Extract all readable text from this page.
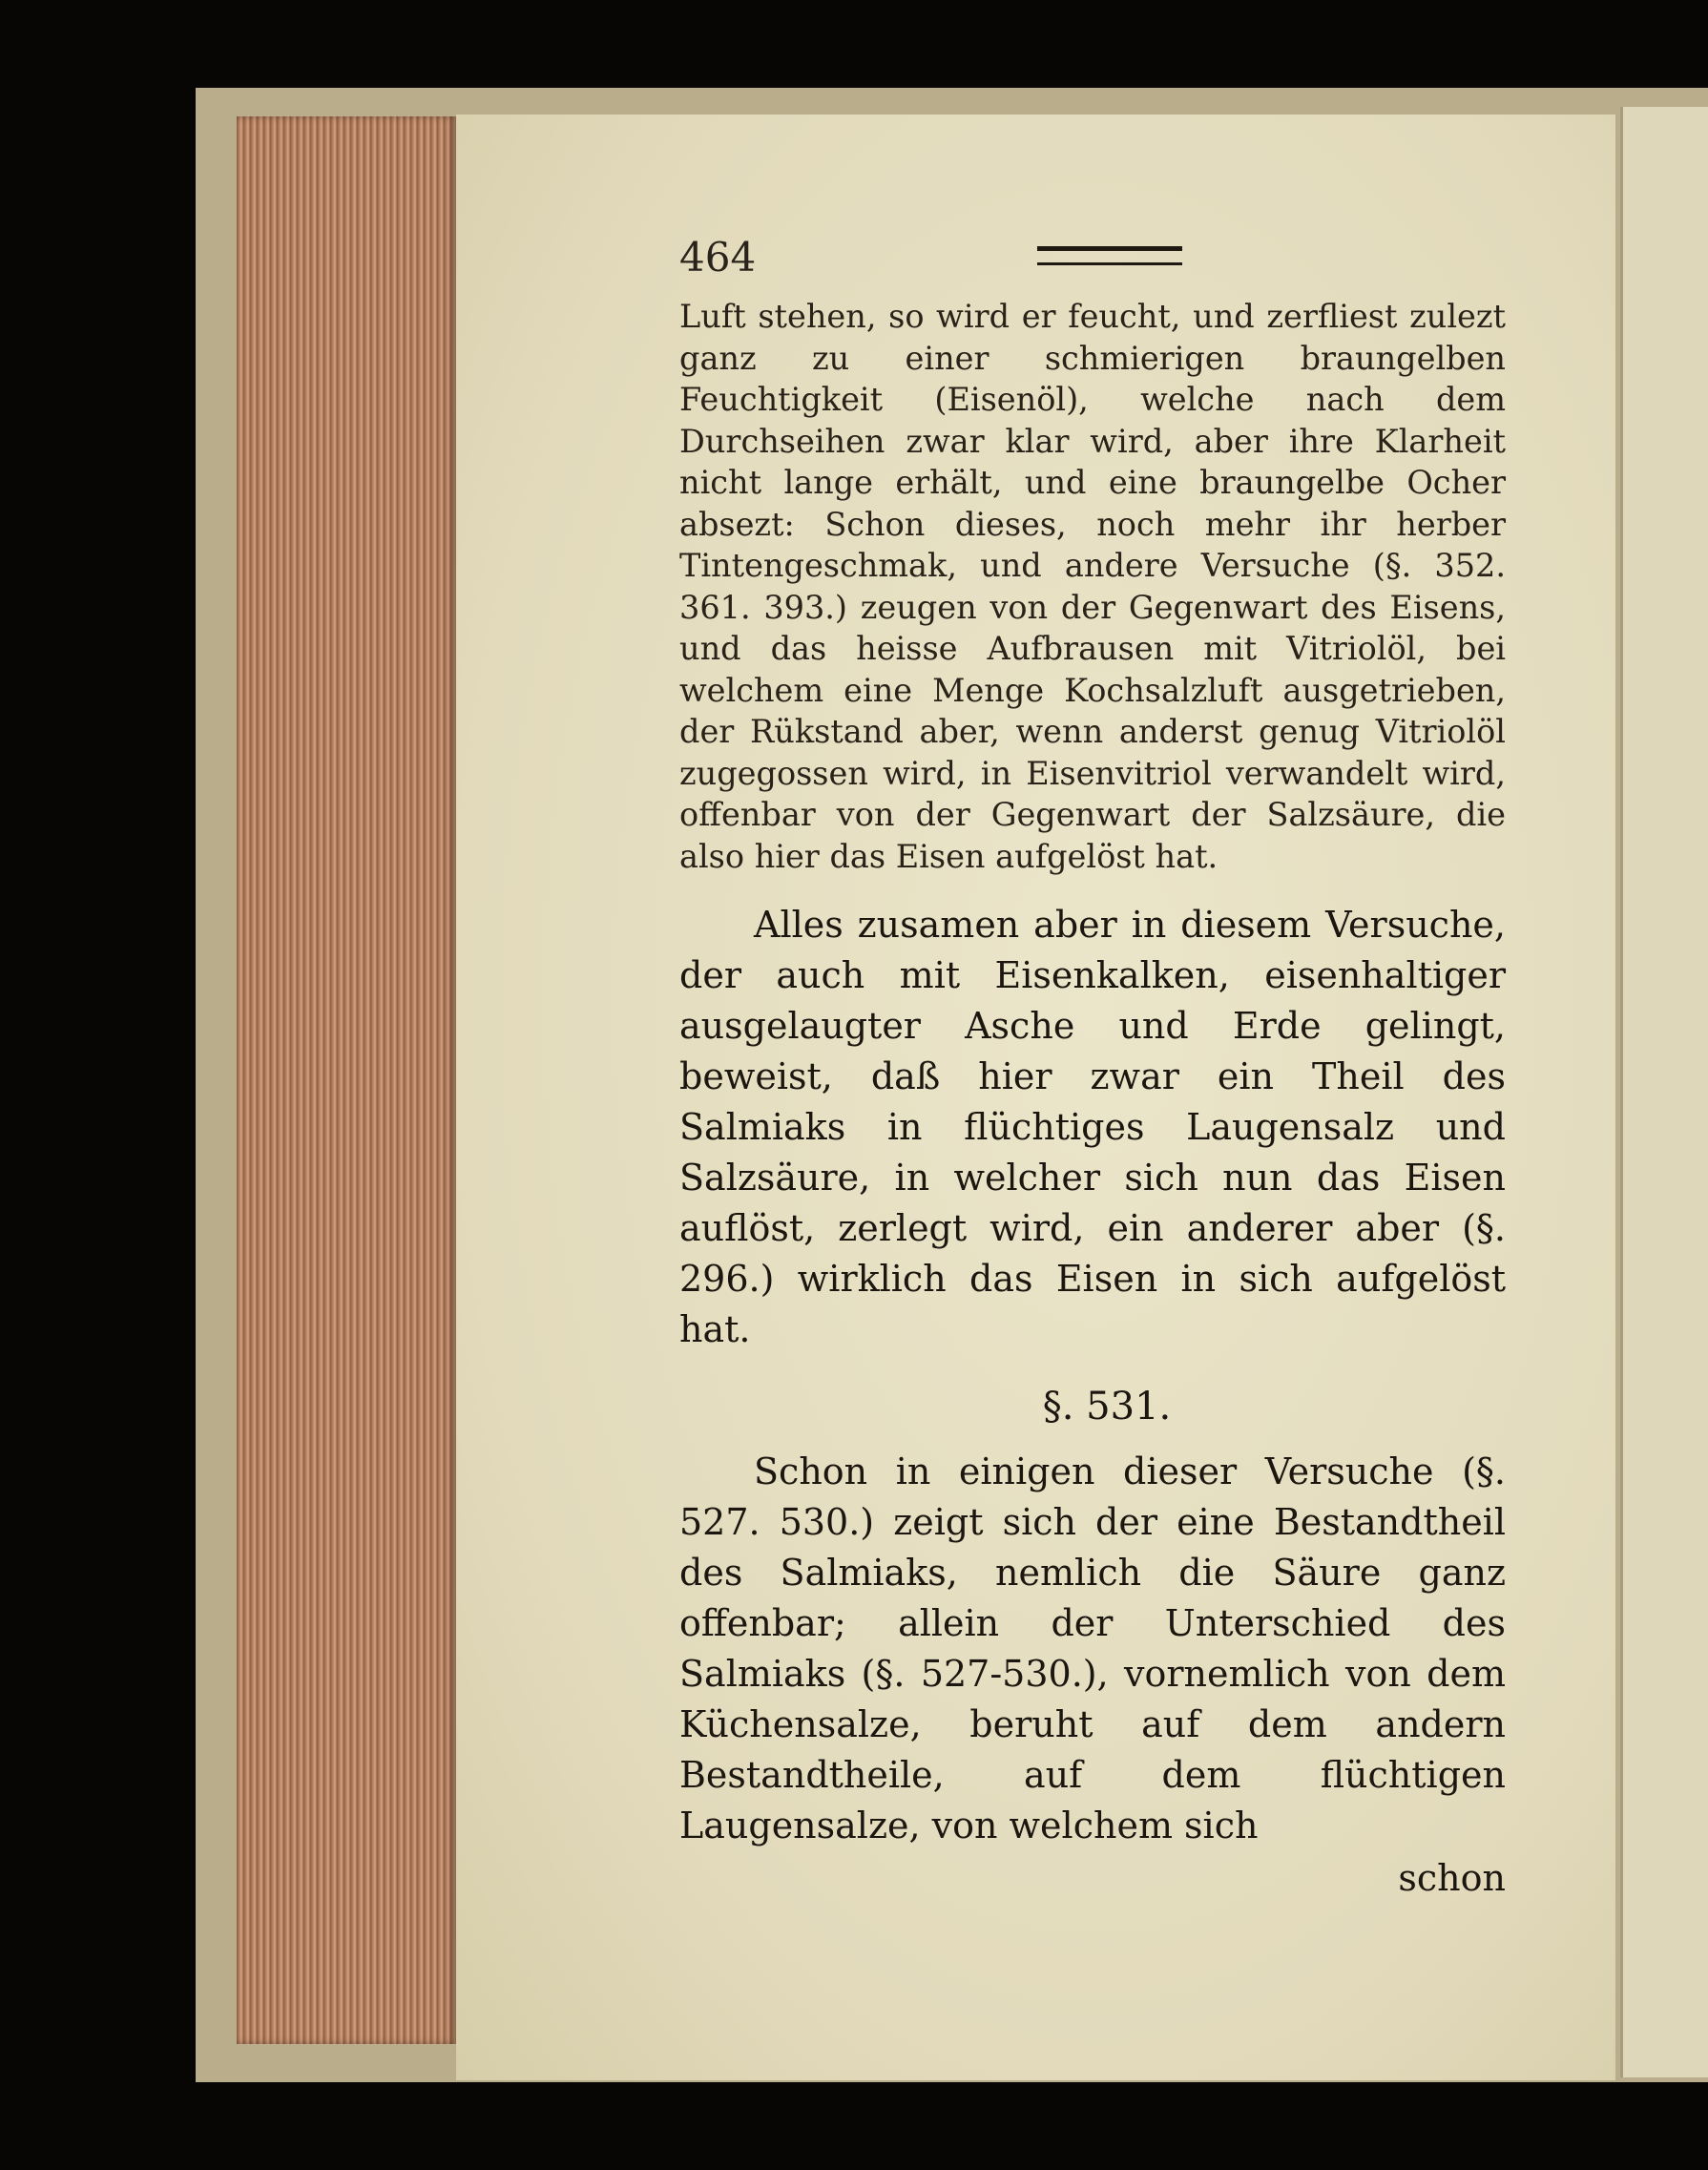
464

Luft stehen, so wird er feucht, und zerfliest zulezt ganz zu einer schmierigen braungelben Feuchtigkeit (Eisenöl), welche nach dem Durchseihen zwar klar wird, aber ihre Klarheit nicht lange erhält, und eine braungelbe Ocher absezt: Schon dieses, noch mehr ihr herber Tintengeschmak, und andere Versuche (§. 352. 361. 393.) zeugen von der Gegenwart des Eisens, und das heisse Aufbrausen mit Vitriolöl, bei welchem eine Menge Kochsalzluft ausgetrieben, der Rükstand aber, wenn anderst genug Vitriolöl zugegossen wird, in Eisenvitriol verwandelt wird, offenbar von der Gegenwart der Salzsäure, die also hier das Eisen aufgelöst hat.

Alles zusamen aber in diesem Versuche, der auch mit Eisenkalken, eisenhaltiger ausgelaugter Asche und Erde gelingt, beweist, daß hier zwar ein Theil des Salmiaks in flüchtiges Laugensalz und Salzsäure, in welcher sich nun das Eisen auflöst, zerlegt wird, ein anderer aber (§. 296.) wirklich das Eisen in sich aufgelöst hat.

§. 531.

Schon in einigen dieser Versuche (§. 527. 530.) zeigt sich der eine Bestandtheil des Salmiaks, nemlich die Säure ganz offenbar; allein der Unterschied des Salmiaks (§. 527-530.), vornemlich von dem Küchensalze, beruht auf dem andern Bestandtheile, auf dem flüchtigen Laugensalze, von welchem sich

schon
